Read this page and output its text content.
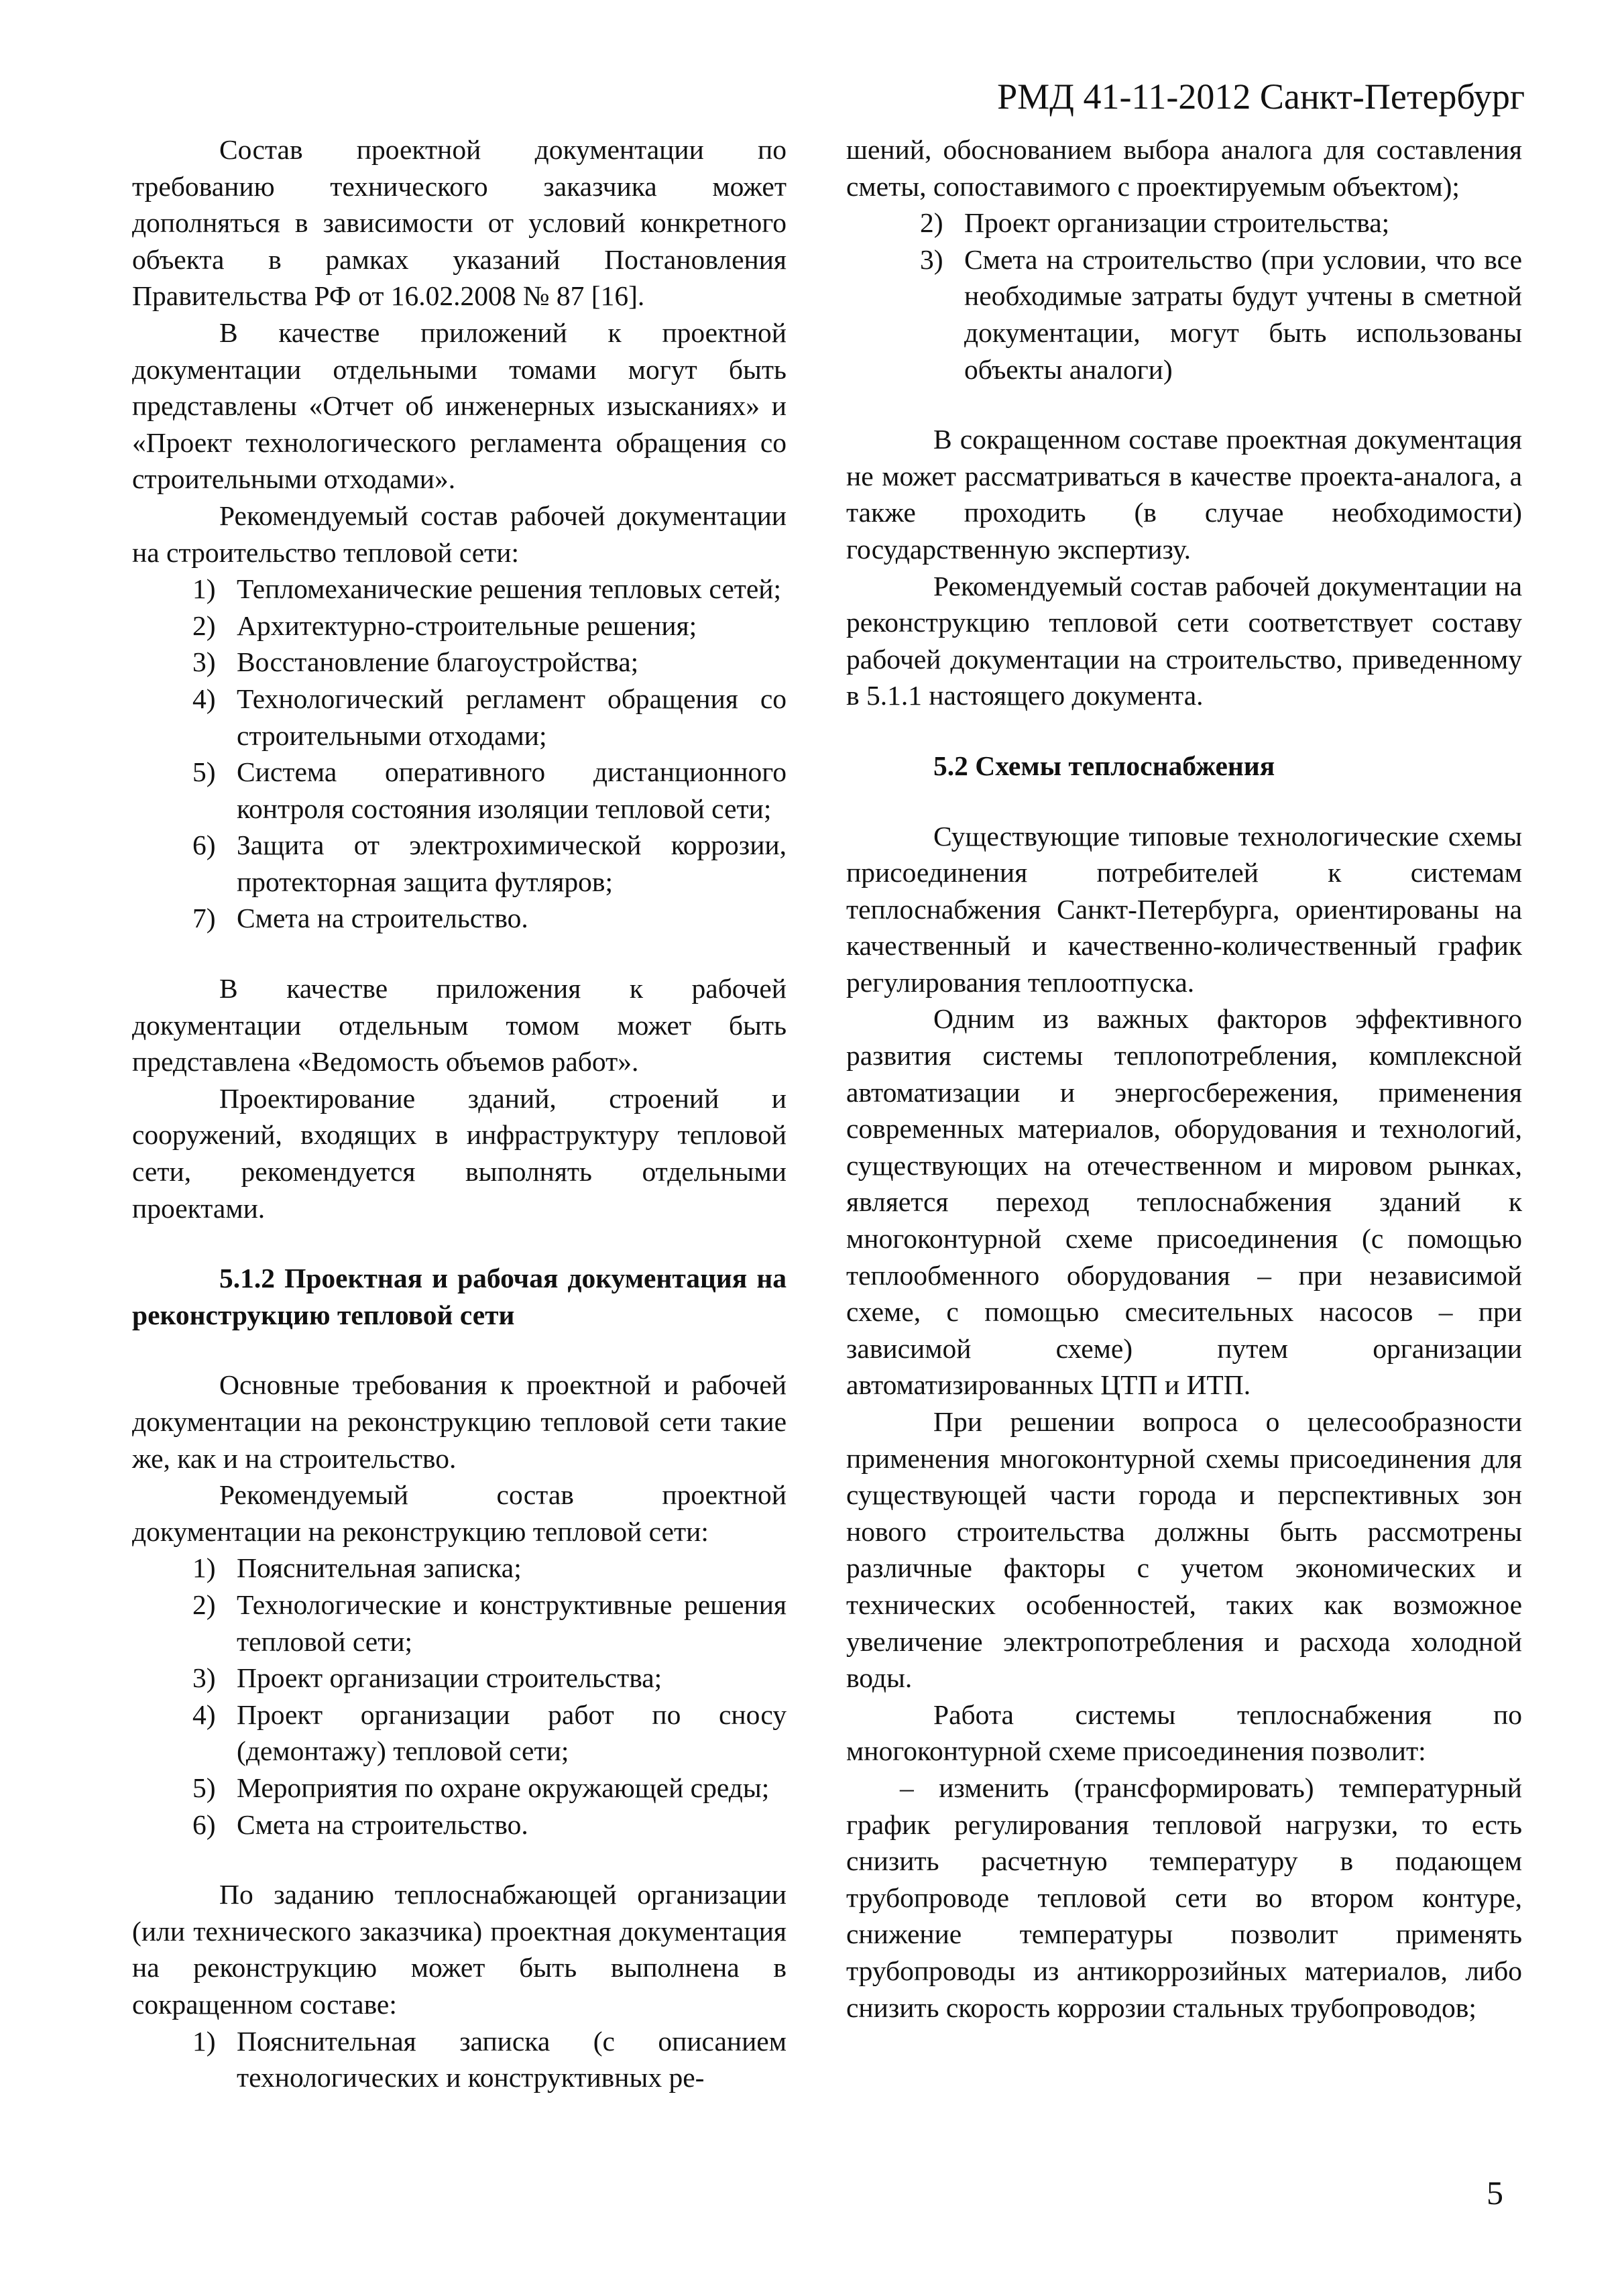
РМД 41-11-2012 Санкт-Петербург

Состав проектной документации по требованию технического заказчика может дополняться в зависимости от условий конкретного объекта в рамках указаний Постановления Правительства РФ от 16.02.2008 № 87 [16].

В качестве приложений к проектной документации отдельными томами могут быть представлены «Отчет об инженерных изысканиях» и «Проект технологического регламента обращения со строительными отходами».

Рекомендуемый состав рабочей документации на строительство тепловой сети:

1) Тепломеханические решения тепловых сетей;
2) Архитектурно-строительные решения;
3) Восстановление благоустройства;
4) Технологический регламент обращения со строительными отходами;
5) Система оперативного дистанционного контроля состояния изоляции тепловой сети;
6) Защита от электрохимической коррозии, протекторная защита футляров;
7) Смета на строительство.

В качестве приложения к рабочей документации отдельным томом может быть представлена «Ведомость объемов работ».

Проектирование зданий, строений и сооружений, входящих в инфраструктуру тепловой сети, рекомендуется выполнять отдельными проектами.

5.1.2 Проектная и рабочая документация на реконструкцию тепловой сети

Основные требования к проектной и рабочей документации на реконструкцию тепловой сети такие же, как и на строительство.

Рекомендуемый состав проектной документации на реконструкцию тепловой сети:

1) Пояснительная записка;
2) Технологические и конструктивные решения тепловой сети;
3) Проект организации строительства;
4) Проект организации работ по сносу (демонтажу) тепловой сети;
5) Мероприятия по охране окружающей среды;
6) Смета на строительство.

По заданию теплоснабжающей организации (или технического заказчика) проектная документация на реконструкцию может быть выполнена в сокращенном составе:

1) Пояснительная записка (с описанием технологических и конструктивных ре-

шений, обоснованием выбора аналога для составления сметы, сопоставимого с проектируемым объектом);

2) Проект организации строительства;
3) Смета на строительство (при условии, что все необходимые затраты будут учтены в сметной документации, могут быть использованы объекты аналоги)

В сокращенном составе проектная документация не может рассматриваться в качестве проекта-аналога, а также проходить (в случае необходимости) государственную экспертизу.

Рекомендуемый состав рабочей документации на реконструкцию тепловой сети соответствует составу рабочей документации на строительство, приведенному в 5.1.1 настоящего документа.

5.2 Схемы теплоснабжения

Существующие типовые технологические схемы присоединения потребителей к системам теплоснабжения Санкт-Петербурга, ориентированы на качественный и качественно-количественный график регулирования теплоотпуска.

Одним из важных факторов эффективного развития системы теплопотребления, комплексной автоматизации и энергосбережения, применения современных материалов, оборудования и технологий, существующих на отечественном и мировом рынках, является переход теплоснабжения зданий к многоконтурной схеме присоединения (с помощью теплообменного оборудования – при независимой схеме, с помощью смесительных насосов – при зависимой схеме) путем организации автоматизированных ЦТП и ИТП.

При решении вопроса о целесообразности применения многоконтурной схемы присоединения для существующей части города и перспективных зон нового строительства должны быть рассмотрены различные факторы с учетом экономических и технических особенностей, таких как возможное увеличение электропотребления и расхода холодной воды.

Работа системы теплоснабжения по многоконтурной схеме присоединения позволит:

– изменить (трансформировать) температурный график регулирования тепловой нагрузки, то есть снизить расчетную температуру в подающем трубопроводе тепловой сети во втором контуре, снижение температуры позволит применять трубопроводы из антикоррозийных материалов, либо снизить скорость коррозии стальных трубопроводов;

5
